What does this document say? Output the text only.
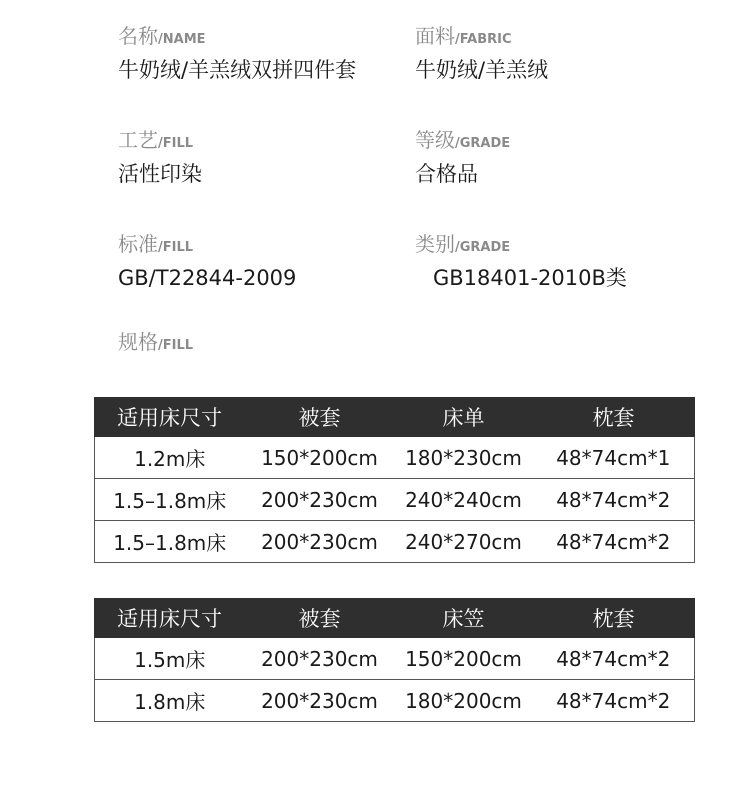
名称/NAME
牛奶绒/羊羔绒双拼四件套
面料/FABRIC
牛奶绒/羊羔绒
工艺/FILL
活性印染
等级/GRADE
合格品
标准/FILL
GB/T22844-2009
类别/GRADE
GB18401-2010B类
规格/FILL
适用床尺寸	被套	床单	枕套
1.2m床	150*200cm	180*230cm	48*74cm*1
1.5–1.8m床	200*230cm	240*240cm	48*74cm*2
1.5–1.8m床	200*230cm	240*270cm	48*74cm*2
适用床尺寸	被套	床笠	枕套
1.5m床	200*230cm	150*200cm	48*74cm*2
1.8m床	200*230cm	180*200cm	48*74cm*2
